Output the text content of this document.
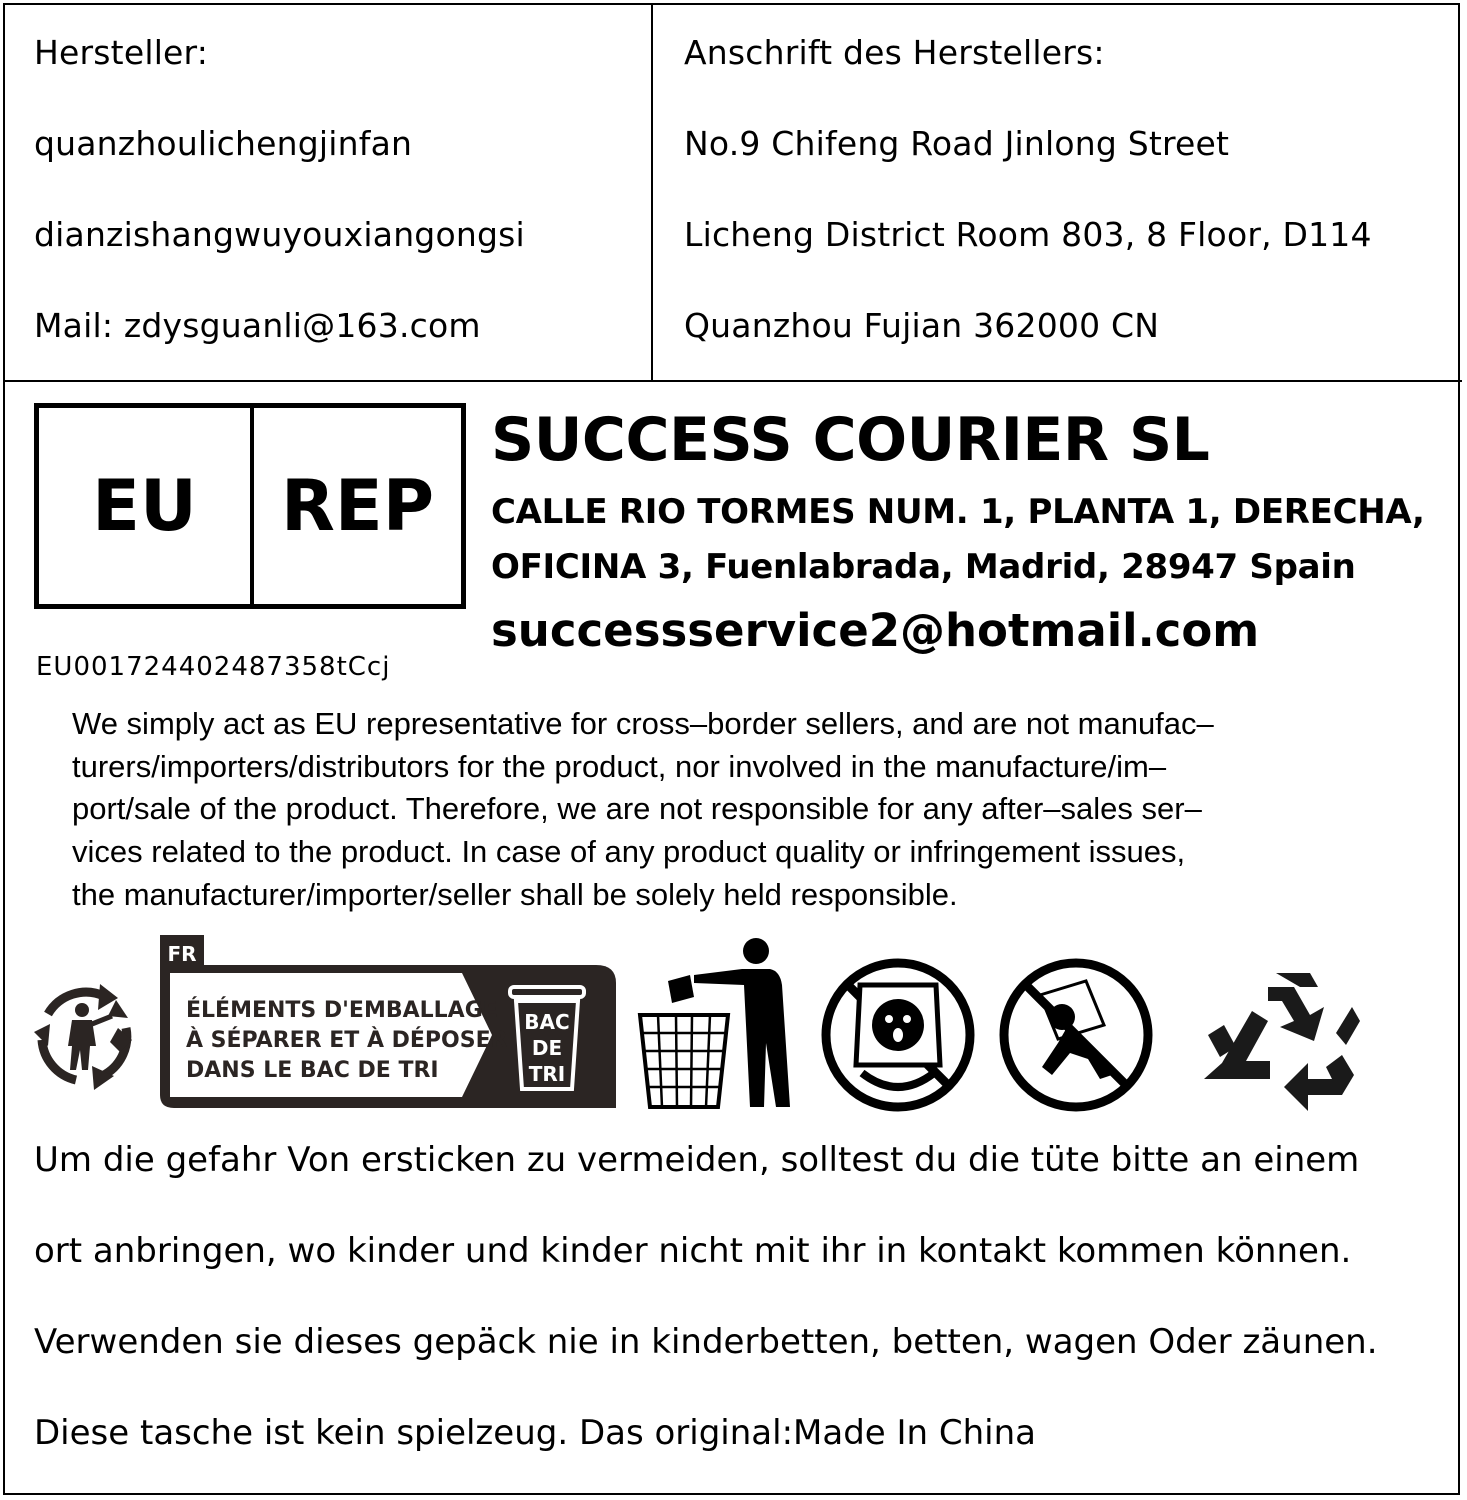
Hersteller:
quanzhoulichengjinfan
dianzishangwuyouxiangongsi
Mail: zdysguanli@163.com
Anschrift des Herstellers:
No.9 Chifeng Road Jinlong Street
Licheng District Room 803, 8 Floor, D114
Quanzhou Fujian 362000 CN
EU	REP
EU001724402487358tCcj
SUCCESS COURIER SL
CALLE RIO TORMES NUM. 1, PLANTA 1, DERECHA,
OFICINA 3, Fuenlabrada, Madrid, 28947 Spain
successservice2@hotmail.com
We simply act as EU representative for cross–border sellers, and are not manufac–
turers/importers/distributors for the product, nor involved in the manufacture/im–
port/sale of the product. Therefore, we are not responsible for any after–sales ser–
vices related to the product. In case of any product quality or infringement issues,
the manufacturer/importer/seller shall be solely held responsible.
FR
ÉLÉMENTS D'EMBALLAGE
À SÉPARER ET À DÉPOSER
DANS LE BAC DE TRI
BAC
DE
TRI
Um die gefahr Von ersticken zu vermeiden, solltest du die tüte bitte an einem
ort anbringen, wo kinder und kinder nicht mit ihr in kontakt kommen können.
Verwenden sie dieses gepäck nie in kinderbetten, betten, wagen Oder zäunen.
Diese tasche ist kein spielzeug. Das original:Made In China
